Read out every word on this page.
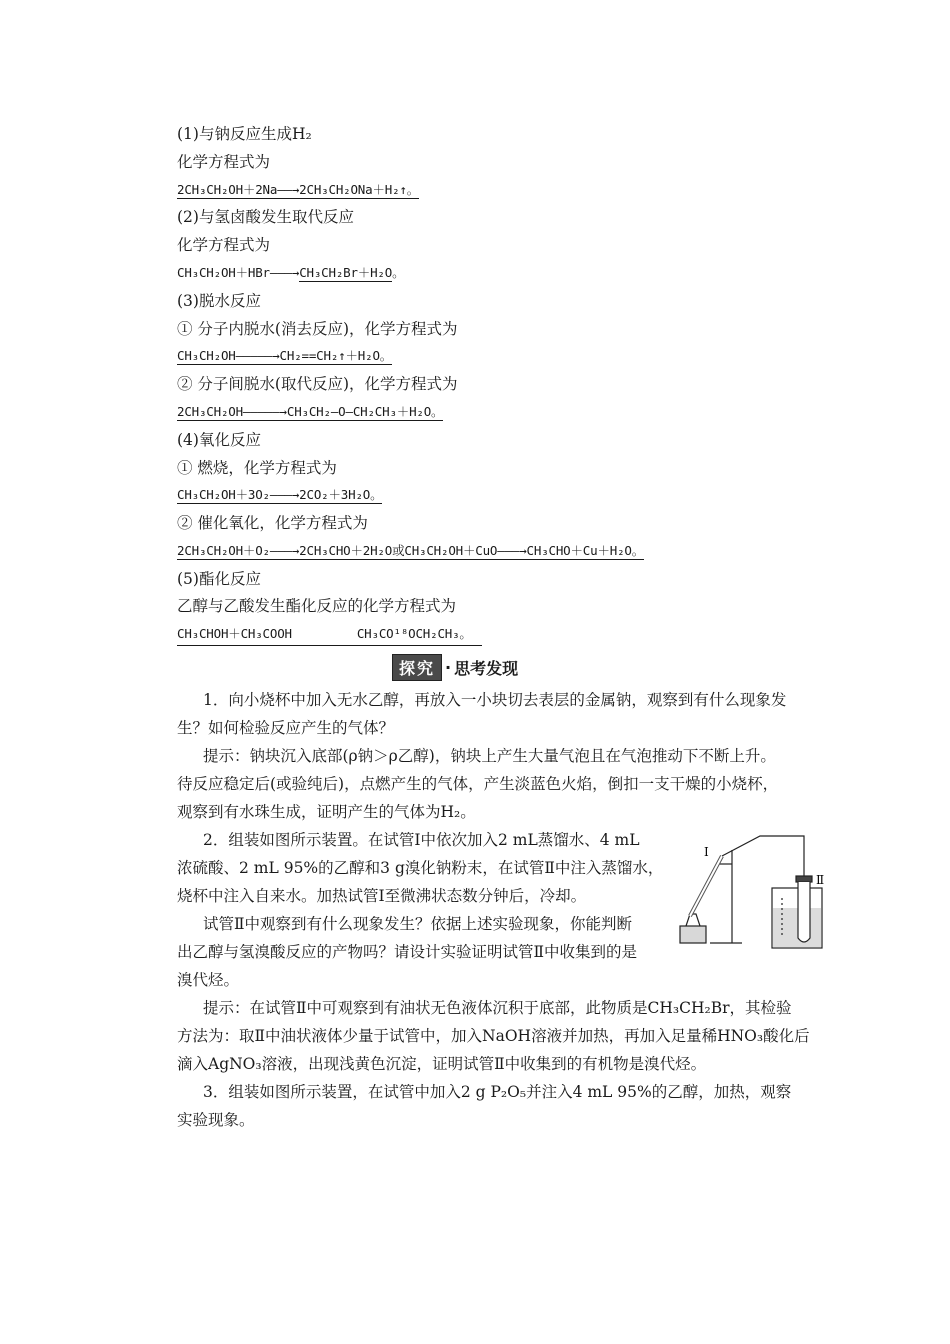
(1)与钠反应生成H₂
化学方程式为
2CH₃CH₂OH＋2Na——→2CH₃CH₂ONa＋H₂↑。
(2)与氢卤酸发生取代反应
化学方程式为
CH₃CH₂OH＋HBr———→CH₃CH₂Br＋H₂O。
(3)脱水反应
① 分子内脱水(消去反应)，化学方程式为
CH₃CH₂OH—————→CH₂==CH₂↑＋H₂O。
② 分子间脱水(取代反应)，化学方程式为
2CH₃CH₂OH—————→CH₃CH₂—O—CH₂CH₃＋H₂O。
(4)氧化反应
① 燃烧，化学方程式为
CH₃CH₂OH＋3O₂———→2CO₂＋3H₂O。
② 催化氧化，化学方程式为
2CH₃CH₂OH＋O₂———→2CH₃CHO＋2H₂O或CH₃CH₂OH＋CuO———→CH₃CHO＋Cu＋H₂O。
(5)酯化反应
乙醇与乙酸发生酯化反应的化学方程式为
CH₃CHOH＋CH₃COOH	CH₃CO¹⁸OCH₂CH₃。
探究 · 思考发现
1．向小烧杯中加入无水乙醇，再放入一小块切去表层的金属钠，观察到有什么现象发
生？如何检验反应产生的气体？
提示：钠块沉入底部(ρ钠＞ρ乙醇)，钠块上产生大量气泡且在气泡推动下不断上升。
待反应稳定后(或验纯后)，点燃产生的气体，产生淡蓝色火焰，倒扣一支干燥的小烧杯，
观察到有水珠生成，证明产生的气体为H₂。
2．组装如图所示装置。在试管Ⅰ中依次加入2 mL蒸馏水、4 mL
浓硫酸、2 mL 95%的乙醇和3 g溴化钠粉末，在试管Ⅱ中注入蒸馏水，
烧杯中注入自来水。加热试管Ⅰ至微沸状态数分钟后，冷却。
试管Ⅱ中观察到有什么现象发生？依据上述实验现象，你能判断
出乙醇与氢溴酸反应的产物吗？请设计实验证明试管Ⅱ中收集到的是
溴代烃。
Ⅰ
Ⅱ
提示：在试管Ⅱ中可观察到有油状无色液体沉积于底部，此物质是CH₃CH₂Br，其检验
方法为：取Ⅱ中油状液体少量于试管中，加入NaOH溶液并加热，再加入足量稀HNO₃酸化后
滴入AgNO₃溶液，出现浅黄色沉淀，证明试管Ⅱ中收集到的有机物是溴代烃。
3．组装如图所示装置，在试管中加入2 g P₂O₅并注入4 mL 95%的乙醇，加热，观察
实验现象。
